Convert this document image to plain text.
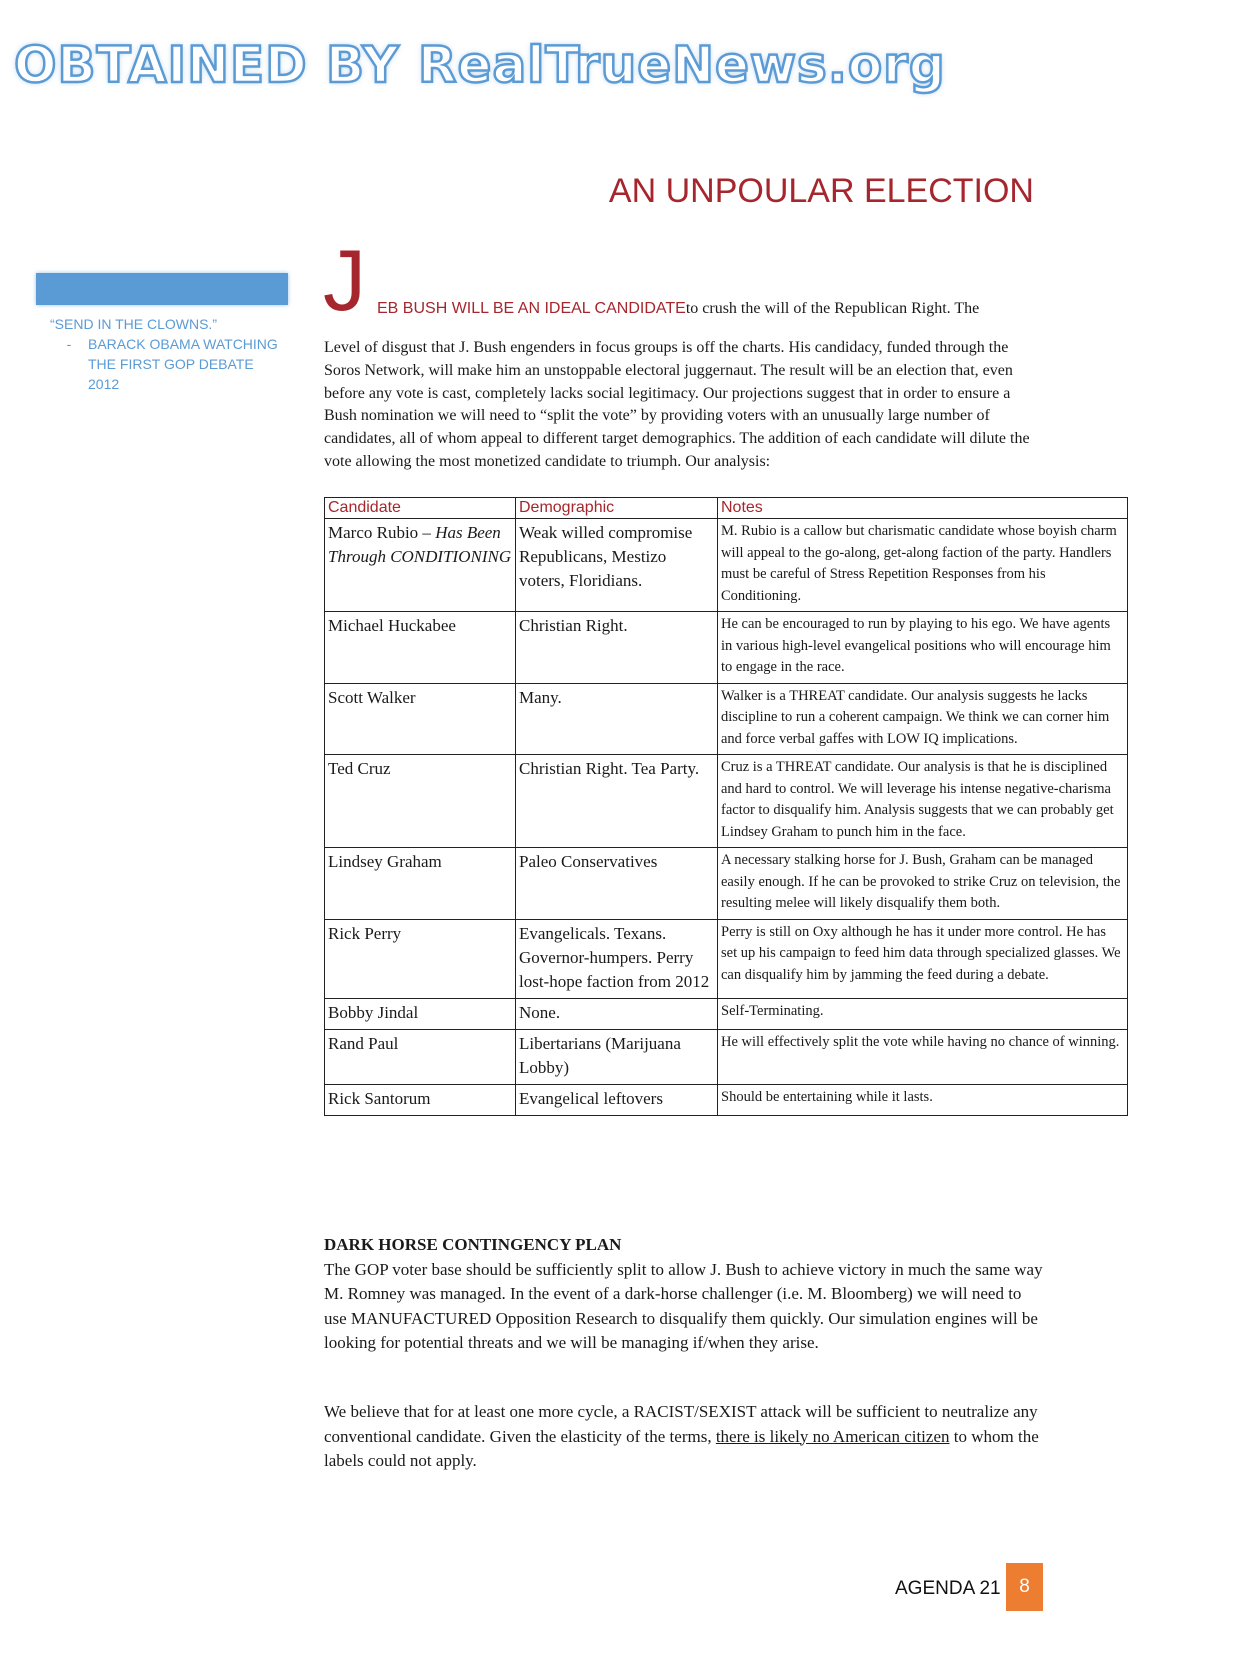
OBTAINED BY RealTrueNews.org
AN UNPOULAR ELECTION
“SEND IN THE CLOWNS.”
-	BARACK OBAMA WATCHING THE FIRST GOP DEBATE 2012
J EB BUSH WILL BE AN IDEAL CANDIDATEto crush the will of the Republican Right. The
Level of disgust that J. Bush engenders in focus groups is off the charts. His candidacy, funded through the Soros Network, will make him an unstoppable electoral juggernaut. The result will be an election that, even before any vote is cast, completely lacks social legitimacy. Our projections suggest that in order to ensure a Bush nomination we will need to “split the vote” by providing voters with an unusually large number of candidates, all of whom appeal to different target demographics. The addition of each candidate will dilute the vote allowing the most monetized candidate to triumph. Our analysis:
Candidate	Demographic	Notes
Marco Rubio – Has Been Through CONDITIONING	Weak willed compromise Republicans, Mestizo voters, Floridians.	M. Rubio is a callow but charismatic candidate whose boyish charm will appeal to the go-along, get-along faction of the party. Handlers must be careful of Stress Repetition Responses from his Conditioning.
Michael Huckabee	Christian Right.	He can be encouraged to run by playing to his ego. We have agents in various high-level evangelical positions who will encourage him to engage in the race.
Scott Walker	Many.	Walker is a THREAT candidate. Our analysis suggests he lacks discipline to run a coherent campaign. We think we can corner him and force verbal gaffes with LOW IQ implications.
Ted Cruz	Christian Right. Tea Party.	Cruz is a THREAT candidate. Our analysis is that he is disciplined and hard to control. We will leverage his intense negative-charisma factor to disqualify him. Analysis suggests that we can probably get Lindsey Graham to punch him in the face.
Lindsey Graham	Paleo Conservatives	A necessary stalking horse for J. Bush, Graham can be managed easily enough. If he can be provoked to strike Cruz on television, the resulting melee will likely disqualify them both.
Rick Perry	Evangelicals. Texans. Governor-humpers. Perry lost-hope faction from 2012	Perry is still on Oxy although he has it under more control. He has set up his campaign to feed him data through specialized glasses. We can disqualify him by jamming the feed during a debate.
Bobby Jindal	None.	Self-Terminating.
Rand Paul	Libertarians (Marijuana Lobby)	He will effectively split the vote while having no chance of winning.
Rick Santorum	Evangelical leftovers	Should be entertaining while it lasts.
DARK HORSE CONTINGENCY PLAN
The GOP voter base should be sufficiently split to allow J. Bush to achieve victory in much the same way M. Romney was managed. In the event of a dark-horse challenger (i.e. M. Bloomberg) we will need to use MANUFACTURED Opposition Research to disqualify them quickly. Our simulation engines will be looking for potential threats and we will be managing if/when they arise.
We believe that for at least one more cycle, a RACIST/SEXIST attack will be sufficient to neutralize any conventional candidate. Given the elasticity of the terms, there is likely no American citizen to whom the labels could not apply.
AGENDA 21 8
